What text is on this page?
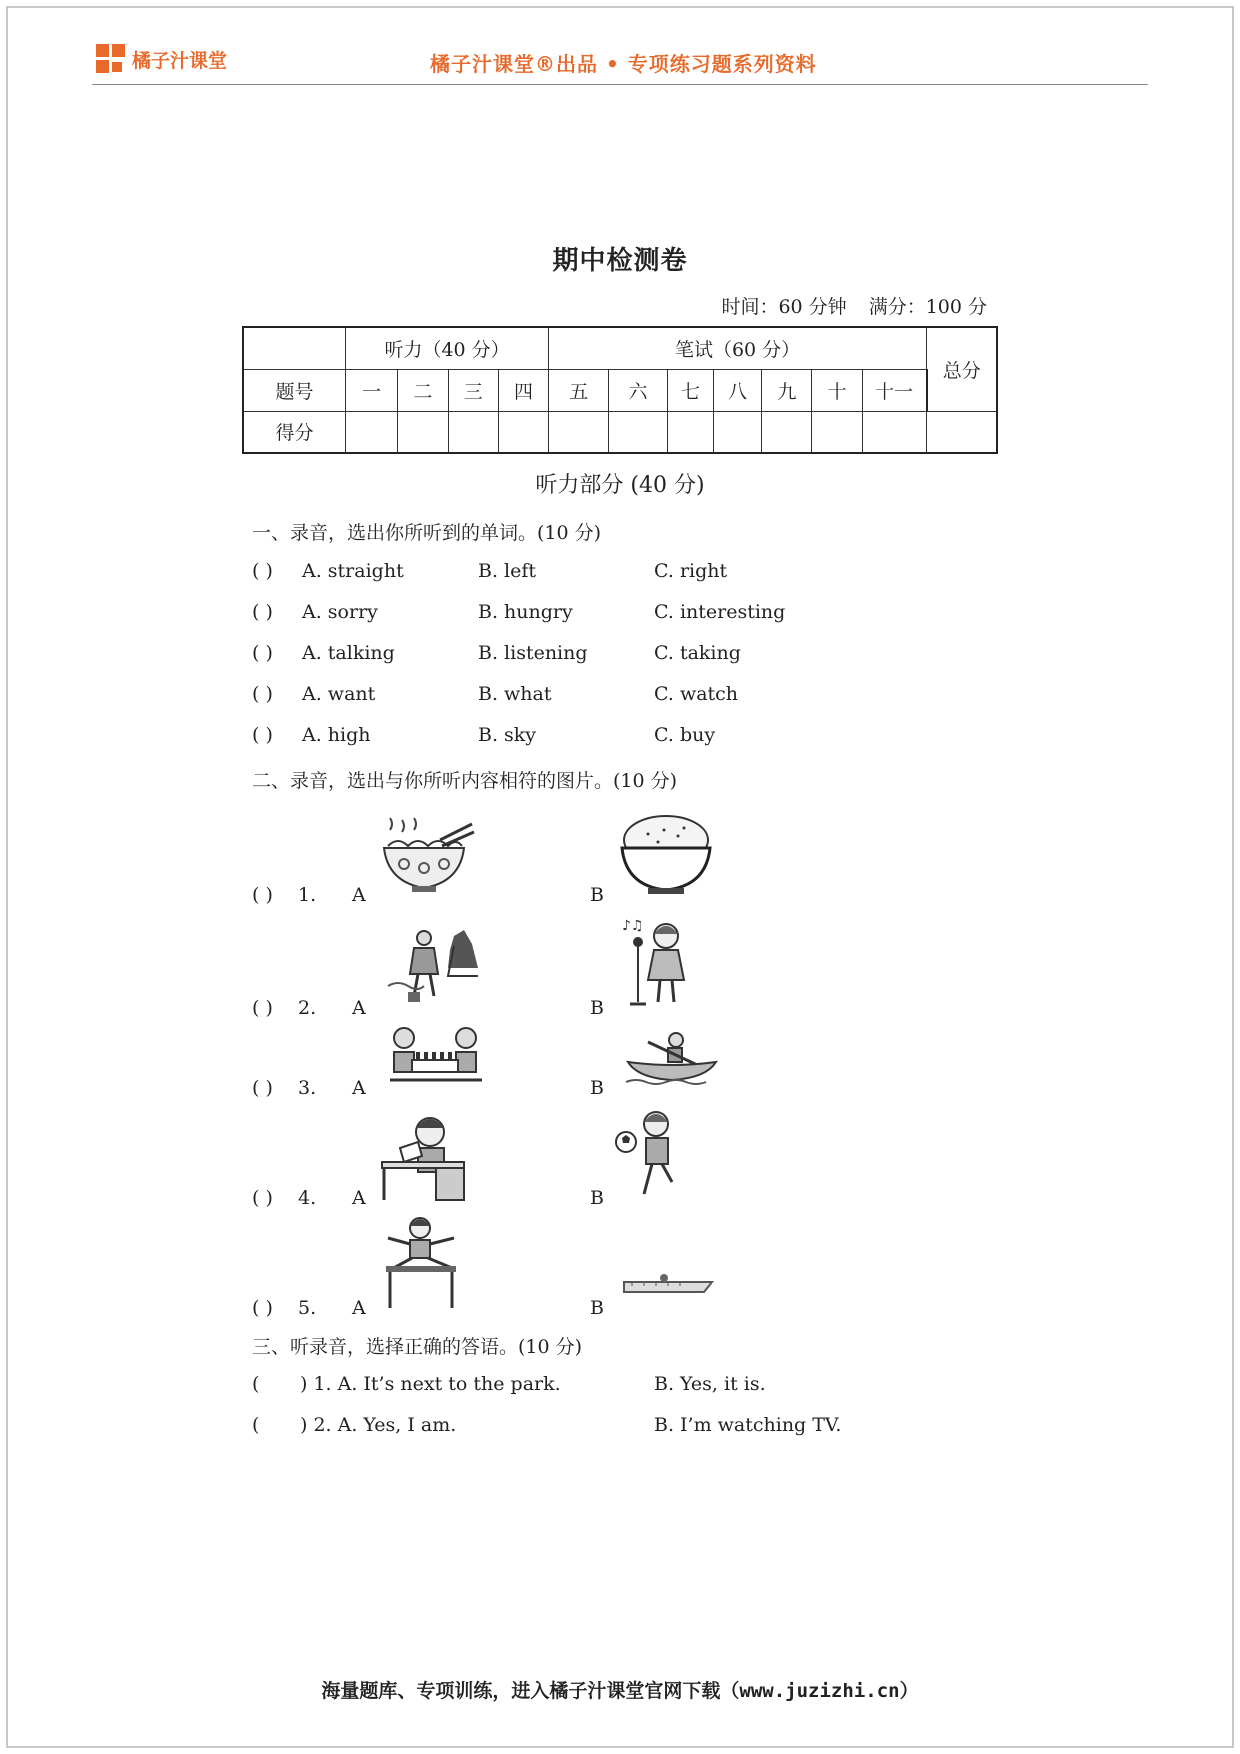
橘子汁课堂	橘子汁课堂®出品 • 专项练习题系列资料
期中检测卷
时间：60 分钟 满分：100 分
	听力（40 分）				笔试（60 分）							总分
题号	一	二	三	四	五	六	七	八	九	十	十一	
得分												
听力部分 (40 分)
一、录音，选出你所听到的单词。(10 分)
( ) A. straight	B. left	C. right
( ) A. sorry	B. hungry	C. interesting
( ) A. talking	B. listening	C. taking
( ) A. want	B. what	C. watch
( ) A. high	B. sky	C. buy
二、录音，选出与你所听内容相符的图片。(10 分)
( ) 1. A	B
♪♫
( ) 2. A	B
( ) 3. A	B
( ) 4. A	B
( ) 5. A	B
三、听录音，选择正确的答语。(10 分)
(	) 1. A. It’s next to the park.	B. Yes, it is.
( ) 2. A. Yes, I am.	B. I’m watching TV.
海量题库、专项训练，进入橘子汁课堂官网下载（www.juzizhi.cn）
